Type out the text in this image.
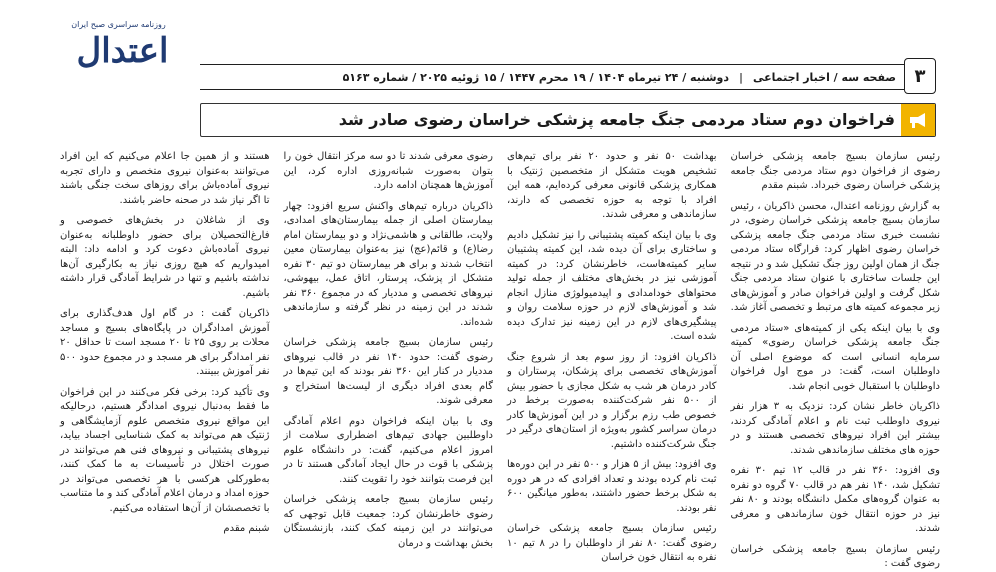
روزنامه سراسری صبح ایران
اعتدال
صفحه سه / اخبار اجتماعی
|
دوشنبه / ۲۴ تیرماه ۱۴۰۴ / ۱۹ محرم ۱۴۴۷ / ۱۵ ژوئیه ۲۰۲۵ / شماره ۵۱۶۳	۳
فراخوان دوم ستاد مردمی جنگ جامعه پزشکی خراسان رضوی صادر شد

رئیس سازمان بسیج جامعه پزشکی خراسان رضوی از فراخوان دوم ستاد مردمی جنگ جامعه پزشکی خراسان رضوی خبرداد. شبنم مقدم

به گزارش روزنامه اعتدال، محسن ذاکریان ، رئیس سازمان بسیج جامعه پزشکی خراسان رضوی، در نشست خبری ستاد مردمی جنگ جامعه پزشکی خراسان رضوی اظهار کرد: قرارگاه ستاد مردمی جنگ از همان اولین روز جنگ تشکیل شد و در نتیجه این جلسات ساختاری با عنوان ستاد مردمی جنگ شکل گرفت و اولین فراخوان صادر و آموزش‌های زیر مجموعه کمیته های مرتبط و تخصصی آغاز شد.

وی با بیان اینکه یکی از کمیته‌های «ستاد مردمی جنگ جامعه پزشکی خراسان رضوی» کمیته سرمایه انسانی است که موضوع اصلی آن داوطلبان است، گفت: در موج اول فراخوان داوطلبان با استقبال خوبی انجام شد.

ذاکریان خاطر نشان کرد: نزدیک به ۳ هزار نفر نیروی داوطلب ثبت نام و اعلام آمادگی کردند، بیشتر این افراد نیروهای تخصصی هستند و در حوزه های مختلف سازماندهی شدند.

وی افزود: ۳۶۰ نفر در قالب ۱۲ تیم ۳۰ نفره تشکیل شد، ۱۴۰ نفر هم در قالب ۷۰ گروه دو نفره به عنوان گروه‌های مکمل دانشگاه بودند و ۸۰ نفر نیز در حوزه انتقال خون سازماندهی و معرفی شدند.

رئیس سازمان بسیج جامعه پزشکی خراسان رضوی گفت :

بهداشت ۵۰ نفر و حدود ۲۰ نفر برای تیم‌های تشخیص هویت متشکل از متخصصین ژنتیک با همکاری پزشکی قانونی معرفی کرده‌ایم، همه این افراد با توجه به حوزه تخصصی که دارند، سازماندهی و معرفی شدند.

وی با بیان اینکه کمیته پشتیبانی را نیز تشکیل دادیم و ساختاری برای آن دیده شد، این کمیته پشتیبان سایر کمیته‌هاست، خاطرنشان کرد: در کمیته آموزشی نیز در بخش‌های مختلف از جمله تولید محتواهای خودامدادی و اپیدمیولوژی منازل انجام شد و آموزش‌های لازم در حوزه سلامت روان و پیشگیری‌های لازم در این زمینه نیز تدارک دیده شده است.

ذاکریان افزود: از روز سوم بعد از شروع جنگ آموزش‌های تخصصی برای پزشکان، پرستاران و کادر درمان هر شب به شکل مجازی با حضور بیش از ۵۰۰ نفر شرکت‌کننده به‌صورت برخط در خصوص طب رزم برگزار و در این آموزش‌ها کادر درمان سراسر کشور به‌ویژه از استان‌های درگیر در جنگ شرکت‌کننده داشتیم.

وی افزود: بیش از ۵ هزار و ۵۰۰ نفر در این دوره‌ها ثبت نام کرده بودند و تعداد افرادی که در هر دوره به شکل برخط حضور داشتند، به‌طور میانگین ۶۰۰ نفر بودند.

رئیس سازمان بسیج جامعه پزشکی خراسان رضوی گفت: ۸۰ نفر از داوطلبان را در ۸ تیم ۱۰ نفره به انتقال خون خراسان

رضوی معرفی شدند تا دو سه مرکز انتقال خون را بتوان به‌صورت شبانه‌روزی اداره کرد، این آموزش‌ها همچنان ادامه دارد.

ذاکریان درباره تیم‌های واکنش سریع افزود: چهار بیمارستان اصلی از جمله بیمارستان‌های امدادی، ولایت، طالقانی و هاشمی‌نژاد و دو بیمارستان امام رضا(ع) و قائم(عج) نیز به‌عنوان بیمارستان معین انتخاب شدند و برای هر بیمارستان دو تیم ۳۰ نفره متشکل از پزشک، پرستار، اتاق عمل، بیهوشی، نیروهای تخصصی و مددیار که در مجموع ۳۶۰ نفر شدند در این زمینه در نظر گرفته و سازماندهی شده‌اند.

رئیس سازمان بسیج جامعه پزشکی خراسان رضوی گفت: حدود ۱۴۰ نفر در قالب نیروهای مددیار در کنار این ۳۶۰ نفر بودند که این تیم‌ها در گام بعدی افراد دیگری از لیست‌ها استخراج و معرفی شوند.

وی با بیان اینکه فراخوان دوم اعلام آمادگی داوطلبین جهادی تیم‌های اضطراری سلامت از امروز اعلام می‌کنیم، گفت: در دانشگاه علوم پزشکی با قوت در حال ایجاد آمادگی هستند تا در این فرصت بتوانند خود را تقویت کنند.

رئیس سازمان بسیج جامعه پزشکی خراسان رضوی خاطرنشان کرد: جمعیت قابل توجهی که می‌توانند در این زمینه کمک کنند، بازنشستگان بخش بهداشت و درمان

هستند و از همین جا اعلام می‌کنیم که این افراد می‌توانند به‌عنوان نیروی متخصص و دارای تجربه نیروی آماده‌باش برای روزهای سخت جنگی باشند تا اگر نیاز شد در صحنه حاضر باشند.

وی از شاغلان در بخش‌های خصوصی و فارغ‌التحصیلان برای حضور داوطلبانه به‌عنوان نیروی آماده‌باش دعوت کرد و ادامه داد: البته امیدواریم که هیچ روزی نیاز به بکارگیری آن‌ها نداشته باشیم و تنها در شرایط آمادگی قرار داشته باشیم.

ذاکریان گفت : در گام اول هدف‌گذاری برای آموزش امدادگران در پایگاه‌های بسیج و مساجد محلات بر روی ۲۵ تا ۲۰ مسجد است تا حداقل ۲۰ نفر امدادگر برای هر مسجد و در مجموع حدود ۵۰۰ نفر آموزش ببینند.

وی تأکید کرد: برخی فکر می‌کنند در این فراخوان ما فقط به‌دنبال نیروی امدادگر هستیم، درحالیکه این مواقع نیروی متخصص علوم آزمایشگاهی و ژنتیک هم می‌تواند به کمک شناسایی اجساد بیاید، نیروهای پشتیبانی و نیروهای فنی هم می‌توانند در صورت اختلال در تأسیسات به ما کمک کنند، به‌طورکلی هرکسی با هر تخصصی می‌تواند در حوزه امداد و درمان اعلام آمادگی کند و ما متناسب با تخصصشان از آن‌ها استفاده می‌کنیم.

شبنم مقدم
